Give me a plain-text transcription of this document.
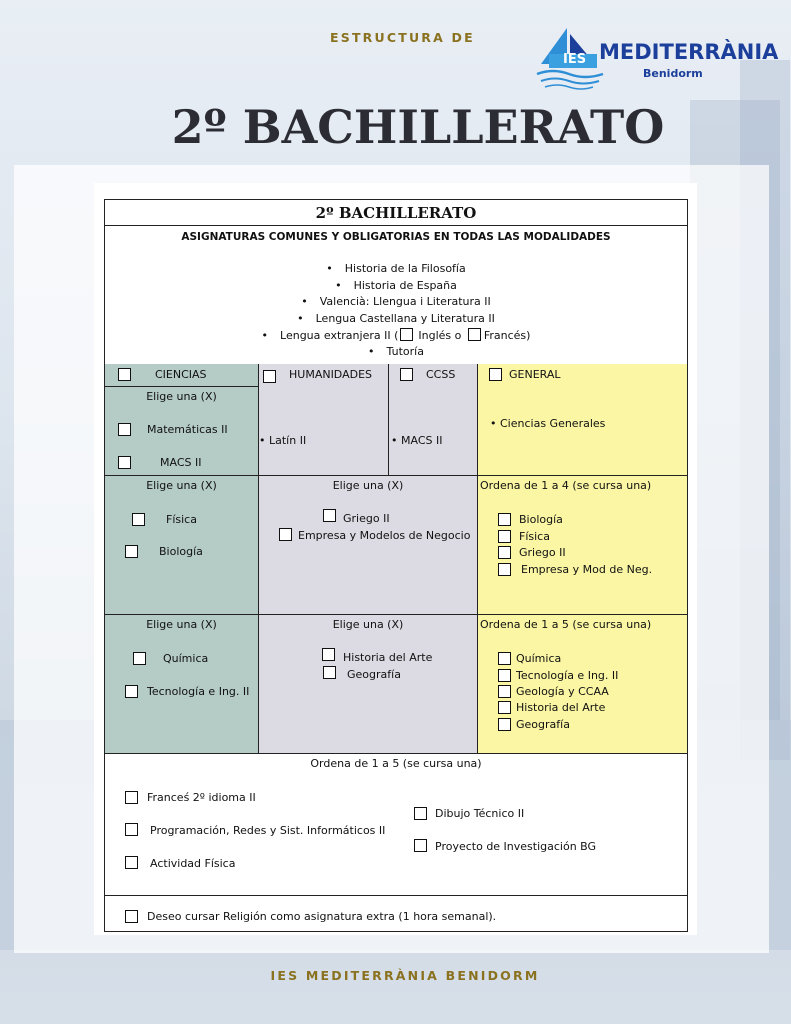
ESTRUCTURA DE
IES MEDITERRÀNIA
Benidorm
2º BACHILLERATO
2º BACHILLERATO
ASIGNATURAS COMUNES Y OBLIGATORIAS EN TODAS LAS MODALIDADES
• Historia de la Filosofía
• Historia de España
• Valencià: Llengua i Literatura II
• Lengua Castellana y Literatura II
• Lengua extranjera II ( Inglés o Francés)
• Tutoría
CIENCIAS	HUMANIDADES
• Latín II
CCSS
• MACS II
GENERAL
• Ciencias Generales
Elige una (X)
Matemáticas II
MACS II
Elige una (X)
Física
Biología
Elige una (X)
Griego II
Empresa y Modelos de Negocio
Ordena de 1 a 4 (se cursa una)
Biología
Física
Griego II
Empresa y Mod de Neg.
Elige una (X)
Química
Tecnología e Ing. II
Elige una (X)
Historia del Arte
Geografía
Ordena de 1 a 5 (se cursa una)
Química
Tecnología e Ing. II
Geología y CCAA
Historia del Arte
Geografía
Ordena de 1 a 5 (se cursa una)
Franceś 2º idioma II
Programación, Redes y Sist. Informáticos II
Actividad Física
Dibujo Técnico II
Proyecto de Investigación BG
Deseo cursar Religión como asignatura extra (1 hora semanal).
IES MEDITERRÀNIA BENIDORM
